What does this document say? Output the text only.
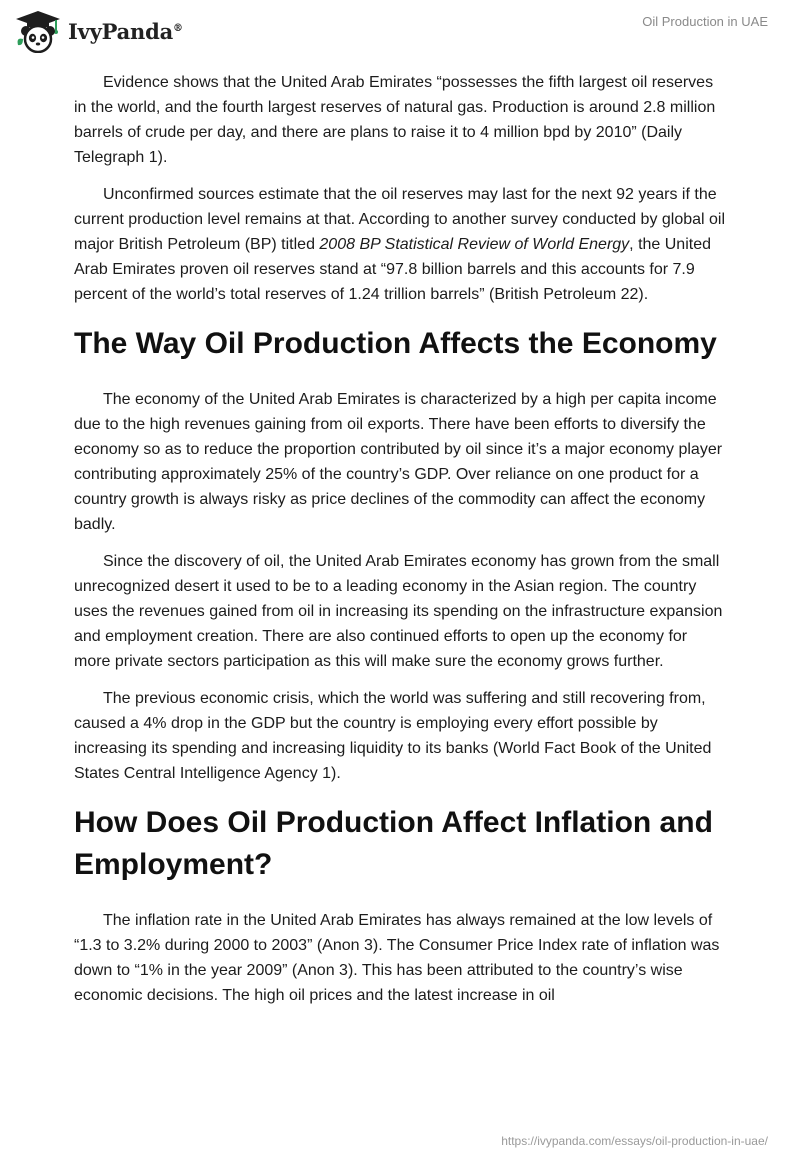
IvyPanda®	Oil Production in UAE

Evidence shows that the United Arab Emirates “possesses the fifth largest oil reserves in the world, and the fourth largest reserves of natural gas. Production is around 2.8 million barrels of crude per day, and there are plans to raise it to 4 million bpd by 2010” (Daily Telegraph 1).

Unconfirmed sources estimate that the oil reserves may last for the next 92 years if the current production level remains at that. According to another survey conducted by global oil major British Petroleum (BP) titled 2008 BP Statistical Review of World Energy, the United Arab Emirates proven oil reserves stand at “97.8 billion barrels and this accounts for 7.9 percent of the world’s total reserves of 1.24 trillion barrels” (British Petroleum 22).

The Way Oil Production Affects the Economy

The economy of the United Arab Emirates is characterized by a high per capita income due to the high revenues gaining from oil exports. There have been efforts to diversify the economy so as to reduce the proportion contributed by oil since it’s a major economy player contributing approximately 25% of the country’s GDP. Over reliance on one product for a country growth is always risky as price declines of the commodity can affect the economy badly.

Since the discovery of oil, the United Arab Emirates economy has grown from the small unrecognized desert it used to be to a leading economy in the Asian region. The country uses the revenues gained from oil in increasing its spending on the infrastructure expansion and employment creation. There are also continued efforts to open up the economy for more private sectors participation as this will make sure the economy grows further.

The previous economic crisis, which the world was suffering and still recovering from, caused a 4% drop in the GDP but the country is employing every effort possible by increasing its spending and increasing liquidity to its banks (World Fact Book of the United States Central Intelligence Agency 1).

How Does Oil Production Affect Inflation and Employment?

The inflation rate in the United Arab Emirates has always remained at the low levels of “1.3 to 3.2% during 2000 to 2003” (Anon 3). The Consumer Price Index rate of inflation was down to “1% in the year 2009” (Anon 3). This has been attributed to the country’s wise economic decisions. The high oil prices and the latest increase in oil

https://ivypanda.com/essays/oil-production-in-uae/
